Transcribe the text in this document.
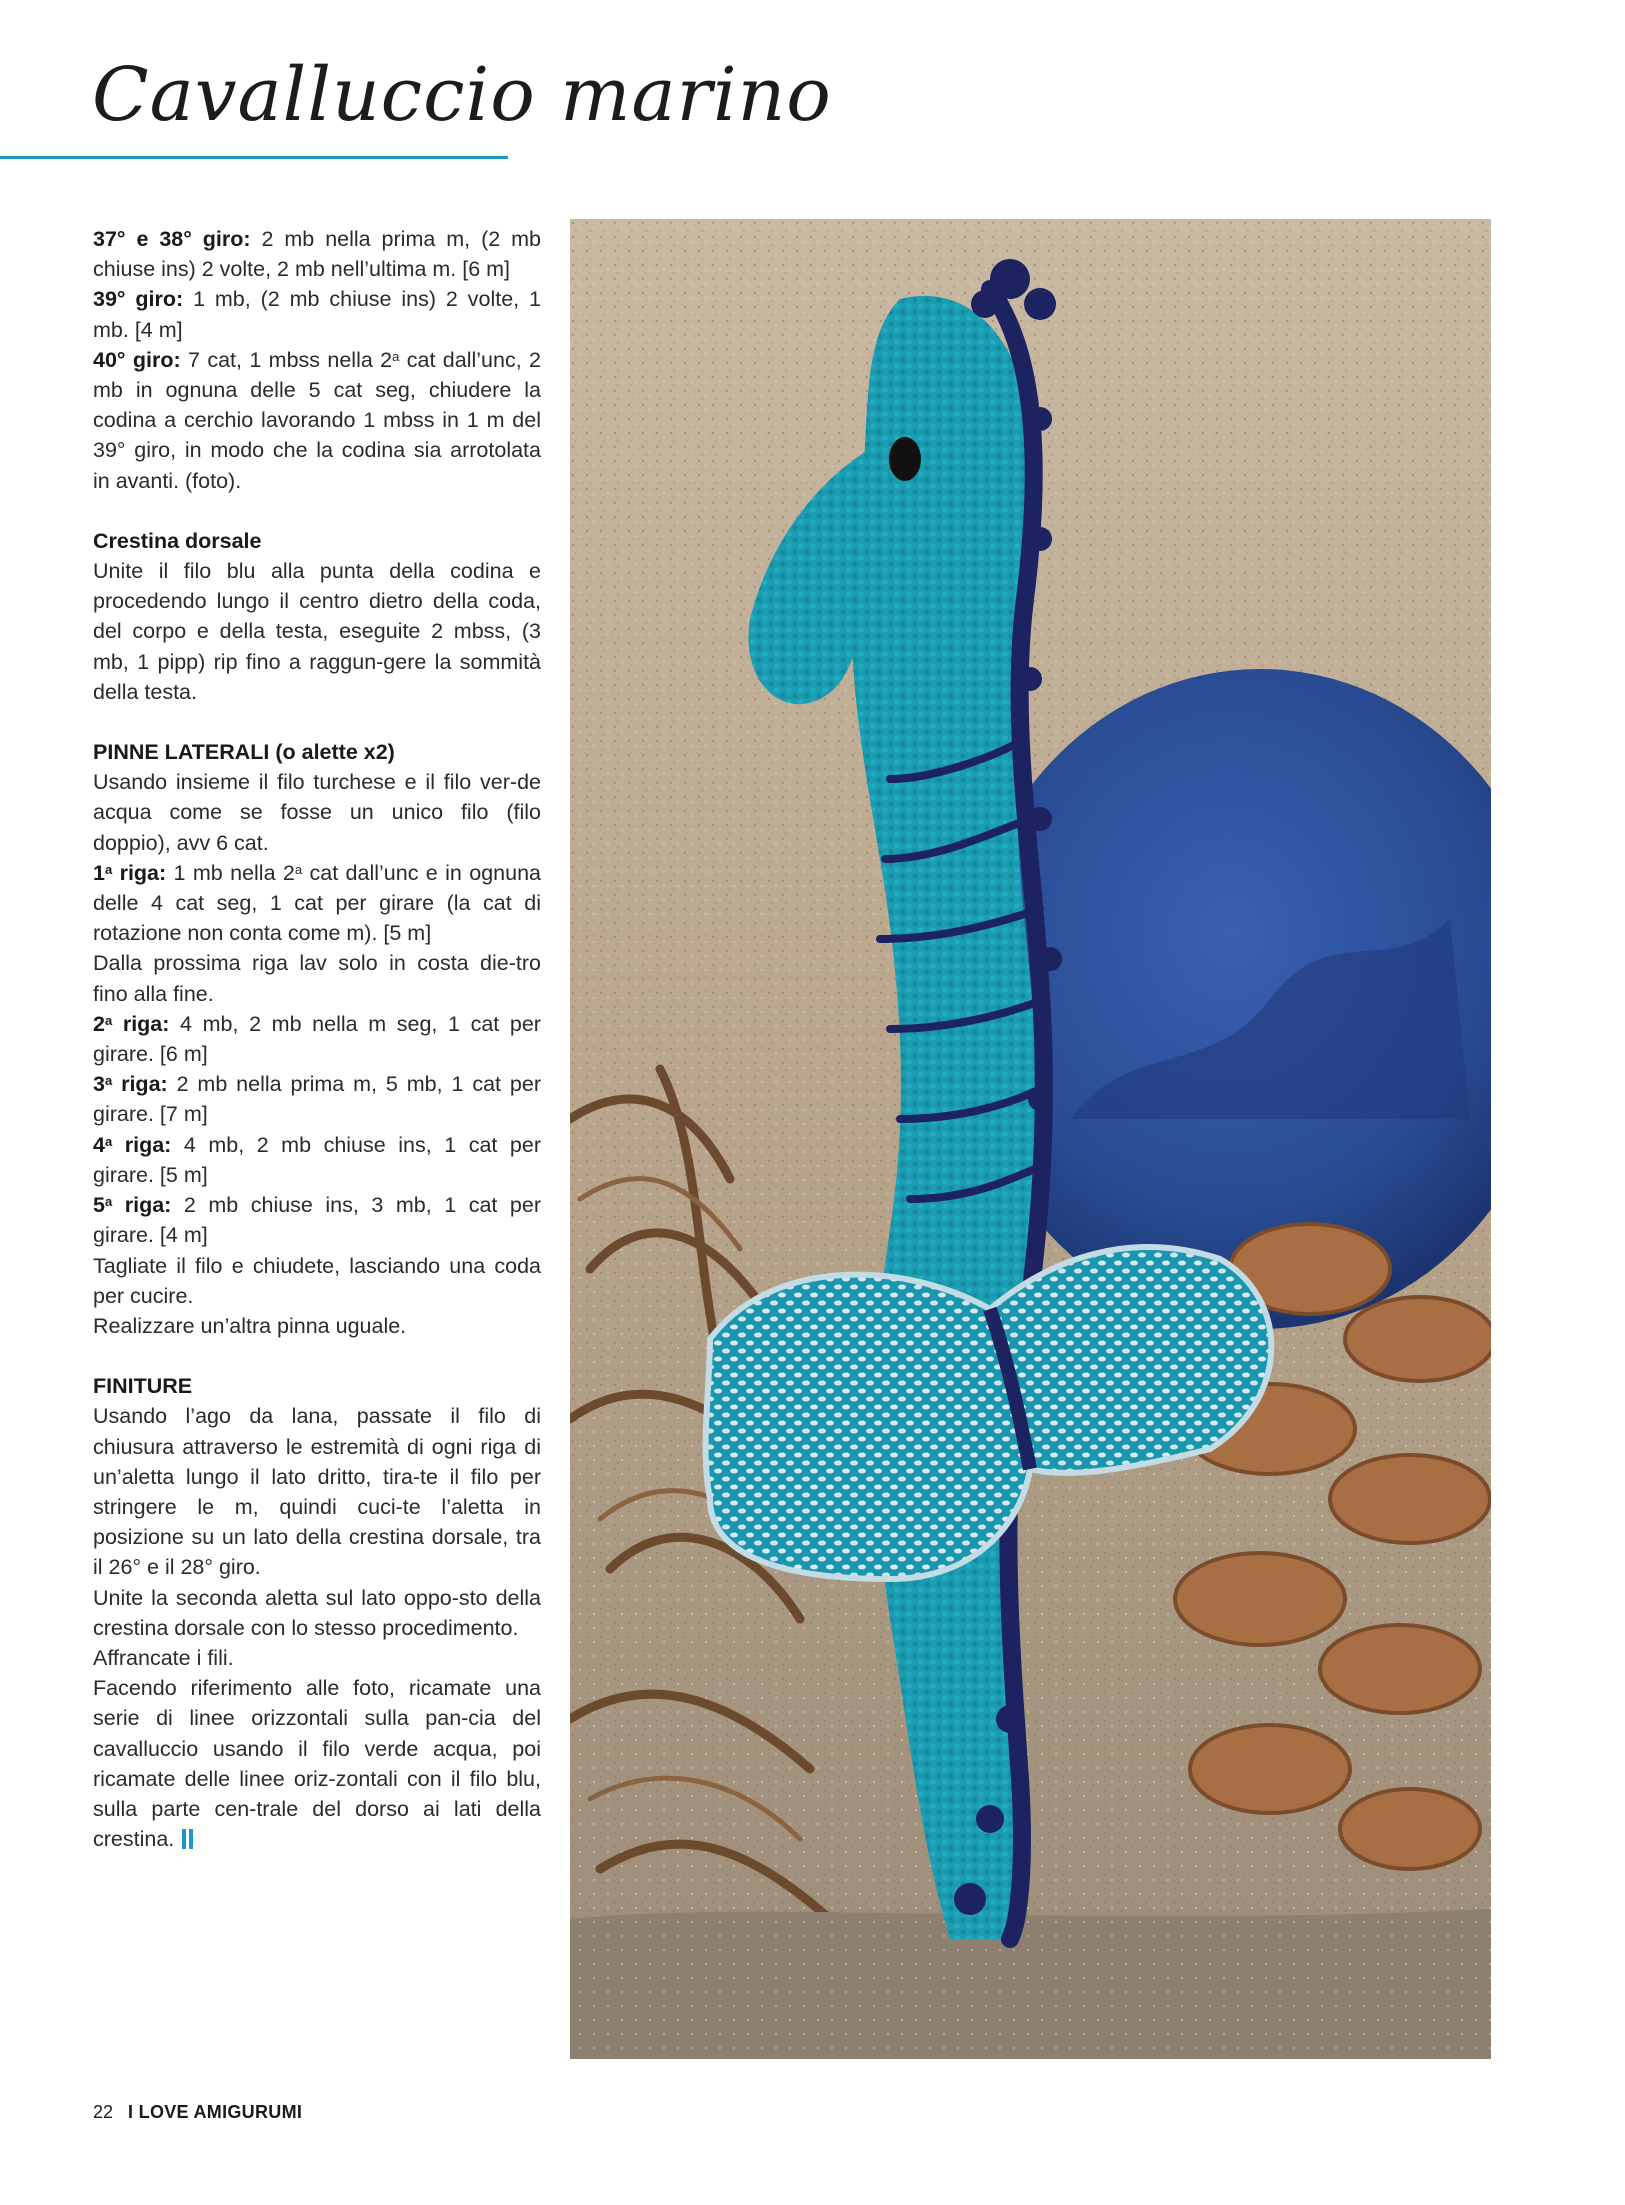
Cavalluccio marino

37° e 38° giro: 2 mb nella prima m, (2 mb chiuse ins) 2 volte, 2 mb nell’ultima m. [6 m]

39° giro: 1 mb, (2 mb chiuse ins) 2 volte, 1 mb. [4 m]

40° giro: 7 cat, 1 mbss nella 2$^a$ cat dall’unc, 2 mb in ognuna delle 5 cat seg, chiudere la codina a cerchio lavorando 1 mbss in 1 m del 39° giro, in modo che la codina sia arrotolata in avanti. (foto).

Crestina dorsale

Unite il filo blu alla punta della codina e procedendo lungo il centro dietro della coda, del corpo e della testa, eseguite 2 mbss, (3 mb, 1 pipp) rip fino a raggun-gere la sommità della testa.

PINNE LATERALI (o alette x2)

Usando insieme il filo turchese e il filo ver-de acqua come se fosse un unico filo (filo doppio), avv 6 cat.

1$^a$ riga: 1 mb nella 2$^a$ cat dall’unc e in ognuna delle 4 cat seg, 1 cat per girare (la cat di rotazione non conta come m). [5 m]

Dalla prossima riga lav solo in costa die-tro fino alla fine.

2$^a$ riga: 4 mb, 2 mb nella m seg, 1 cat per girare. [6 m]

3$^a$ riga: 2 mb nella prima m, 5 mb, 1 cat per girare. [7 m]

4$^a$ riga: 4 mb, 2 mb chiuse ins, 1 cat per girare. [5 m]

5$^a$ riga: 2 mb chiuse ins, 3 mb, 1 cat per girare. [4 m]

Tagliate il filo e chiudete, lasciando una coda per cucire.

Realizzare un’altra pinna uguale.

FINITURE

Usando l’ago da lana, passate il filo di chiusura attraverso le estremità di ogni riga di un’aletta lungo il lato dritto, tira-te il filo per stringere le m, quindi cuci-te l’aletta in posizione su un lato della crestina dorsale, tra il 26° e il 28° giro.

Unite la seconda aletta sul lato oppo-sto della crestina dorsale con lo stesso procedimento.

Affrancate i fili.

Facendo riferimento alle foto, ricamate una serie di linee orizzontali sulla pan-cia del cavalluccio usando il filo verde acqua, poi ricamate delle linee oriz-zontali con il filo blu, sulla parte cen-trale del dorso ai lati della crestina.

22 I LOVE AMIGURUMI
